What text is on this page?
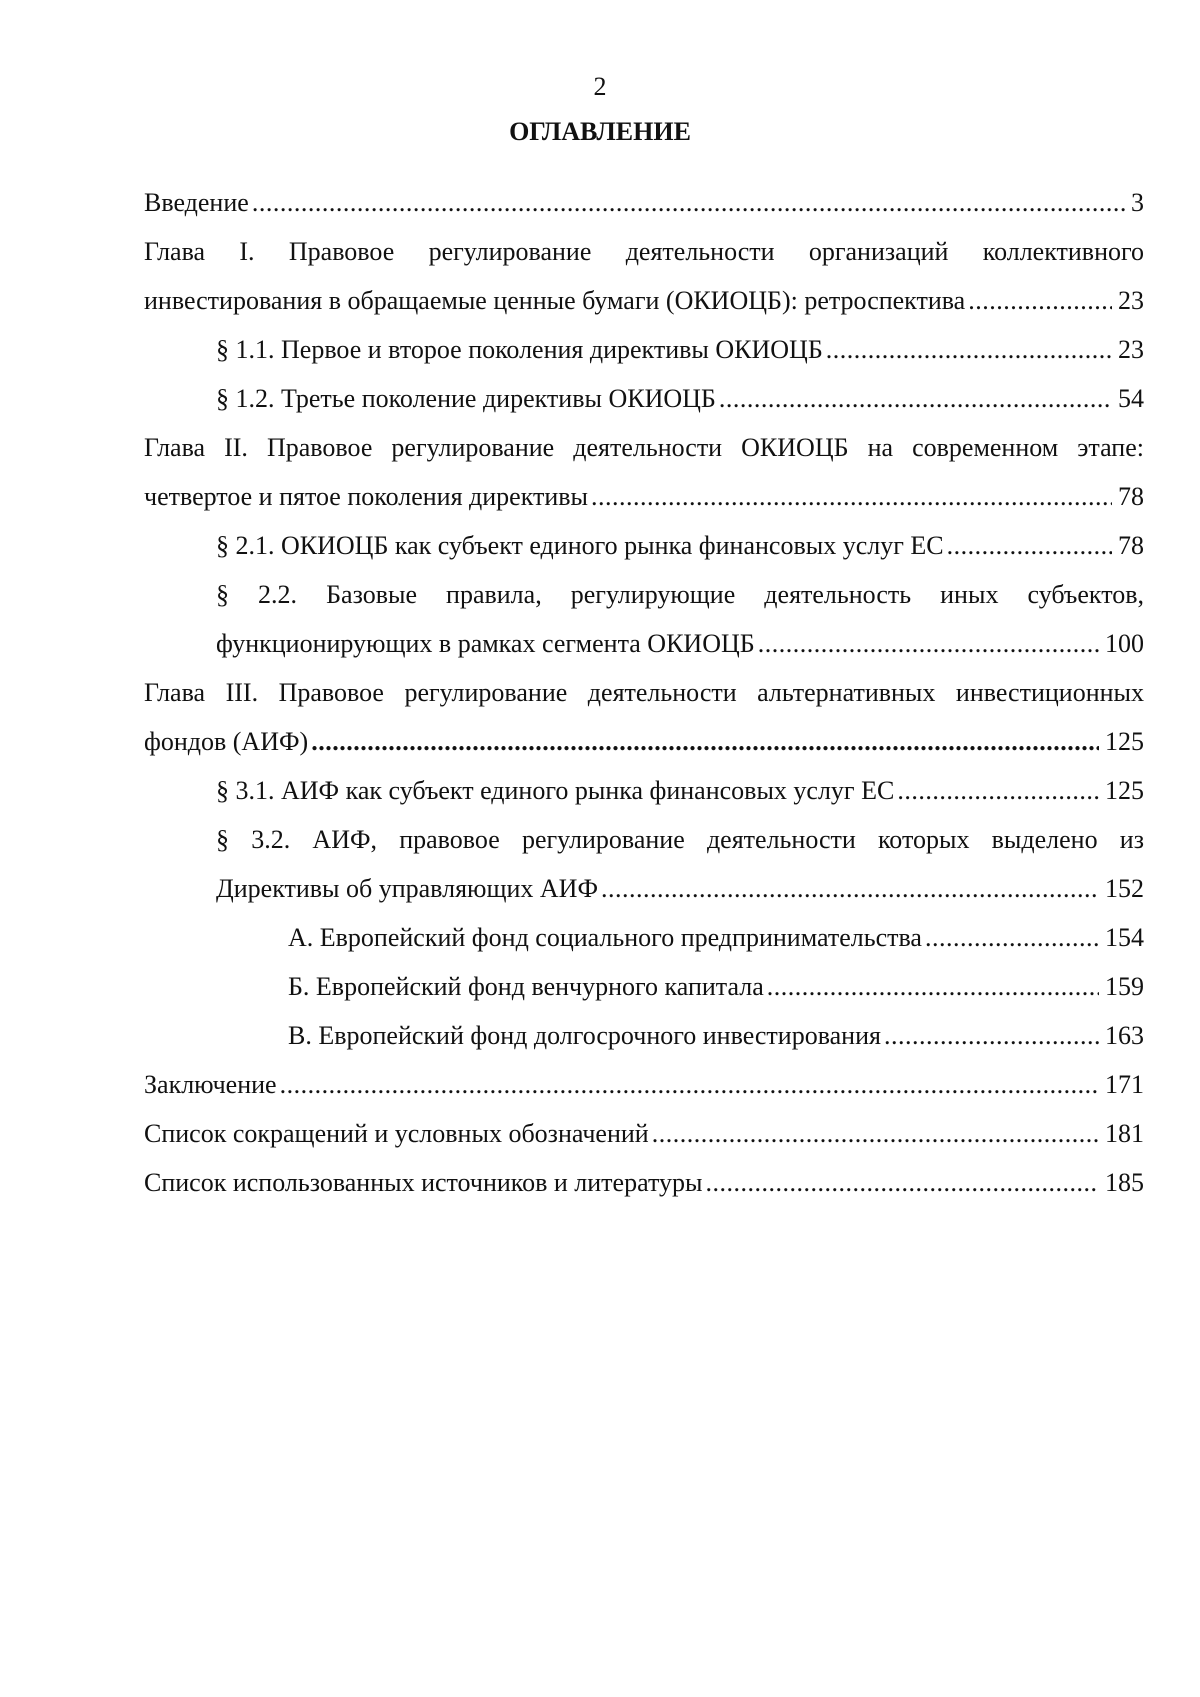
2
ОГЛАВЛЕНИЕ
Введение .....	3
Глава I. Правовое регулирование деятельности организаций коллективного
инвестирования в обращаемые ценные бумаги (ОКИОЦБ): ретроспектива .....	23
§ 1.1. Первое и второе поколения директивы ОКИОЦБ .....	23
§ 1.2. Третье поколение директивы ОКИОЦБ .....	54
Глава II. Правовое регулирование деятельности ОКИОЦБ на современном этапе:
четвертое и пятое поколения директивы .....	78
§ 2.1. ОКИОЦБ как субъект единого рынка финансовых услуг ЕС .....	78
§ 2.2. Базовые правила, регулирующие деятельность иных субъектов,
функционирующих в рамках сегмента ОКИОЦБ .....	100
Глава III. Правовое регулирование деятельности альтернативных инвестиционных
фондов (АИФ) .....	125
§ 3.1. АИФ как субъект единого рынка финансовых услуг ЕС .....	125
§ 3.2. АИФ, правовое регулирование деятельности которых выделено из
Директивы об управляющих АИФ .....	152
А. Европейский фонд социального предпринимательства .....	154
Б. Европейский фонд венчурного капитала .....	159
В. Европейский фонд долгосрочного инвестирования .....	163
Заключение .....	171
Список сокращений и условных обозначений .....	181
Список использованных источников и литературы .....	185
